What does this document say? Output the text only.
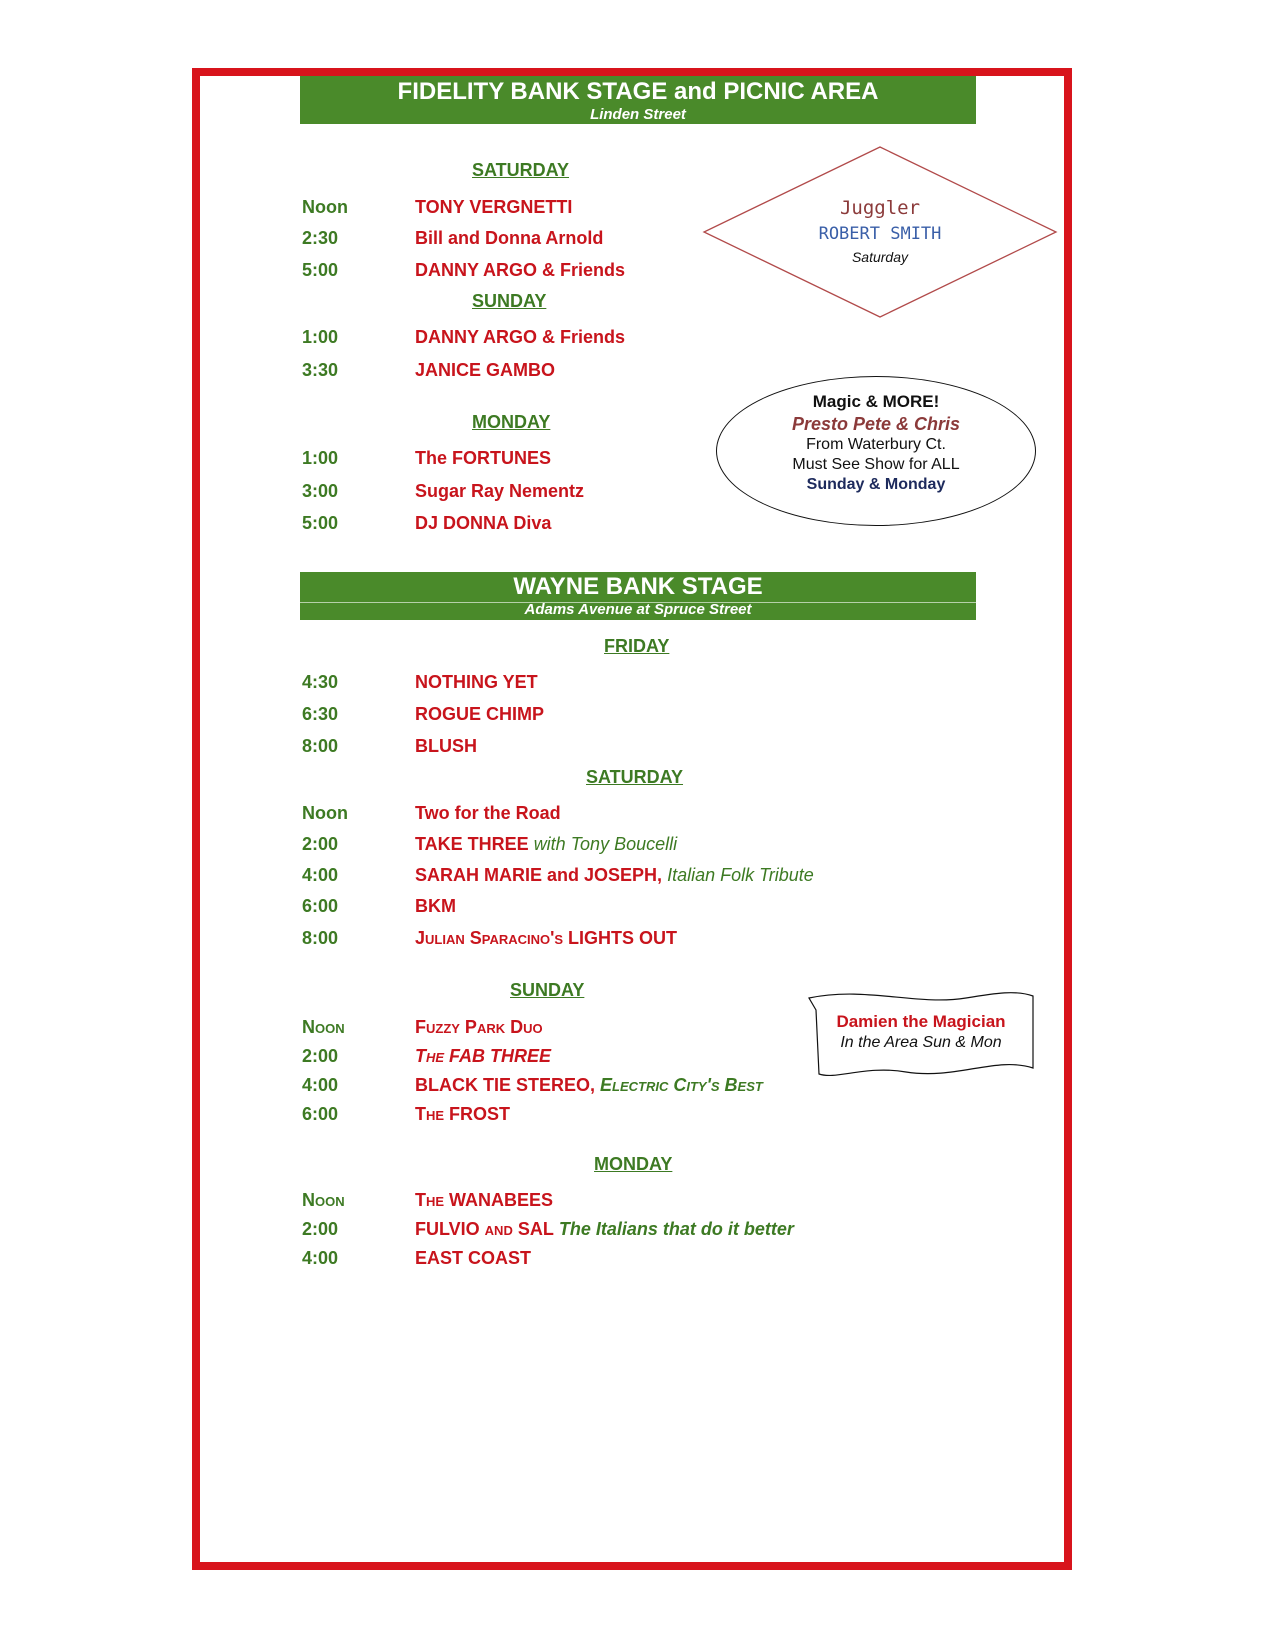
FIDELITY BANK STAGE and PICNIC AREA
Linden Street
SATURDAY
Noon	TONY VERGNETTI
2:30	Bill and Donna Arnold
5:00	DANNY ARGO & Friends
SUNDAY
1:00	DANNY ARGO & Friends
3:30	JANICE GAMBO
MONDAY
1:00	The FORTUNES
3:00	Sugar Ray Nementz
5:00	DJ DONNA Diva
Juggler
ROBERT SMITH
Saturday
Magic & MORE!
Presto Pete & Chris
From Waterbury Ct.
Must See Show for ALL
Sunday & Monday
WAYNE BANK STAGE
Adams Avenue at Spruce Street
FRIDAY
4:30	NOTHING YET
6:30	ROGUE CHIMP
8:00	BLUSH
SATURDAY
Noon	Two for the Road
2:00	TAKE THREE with Tony Boucelli
4:00	SARAH MARIE and JOSEPH, Italian Folk Tribute
6:00	BKM
8:00	Julian Sparacino's LIGHTS OUT
SUNDAY
Noon	Fuzzy Park Duo
2:00	The FAB THREE
4:00	BLACK TIE STEREO, Electric City's Best
6:00	The FROST
MONDAY
Noon	The WANABEES
2:00	FULVIO and SAL The Italians that do it better
4:00	EAST COAST
Damien the Magician
In the Area Sun & Mon
